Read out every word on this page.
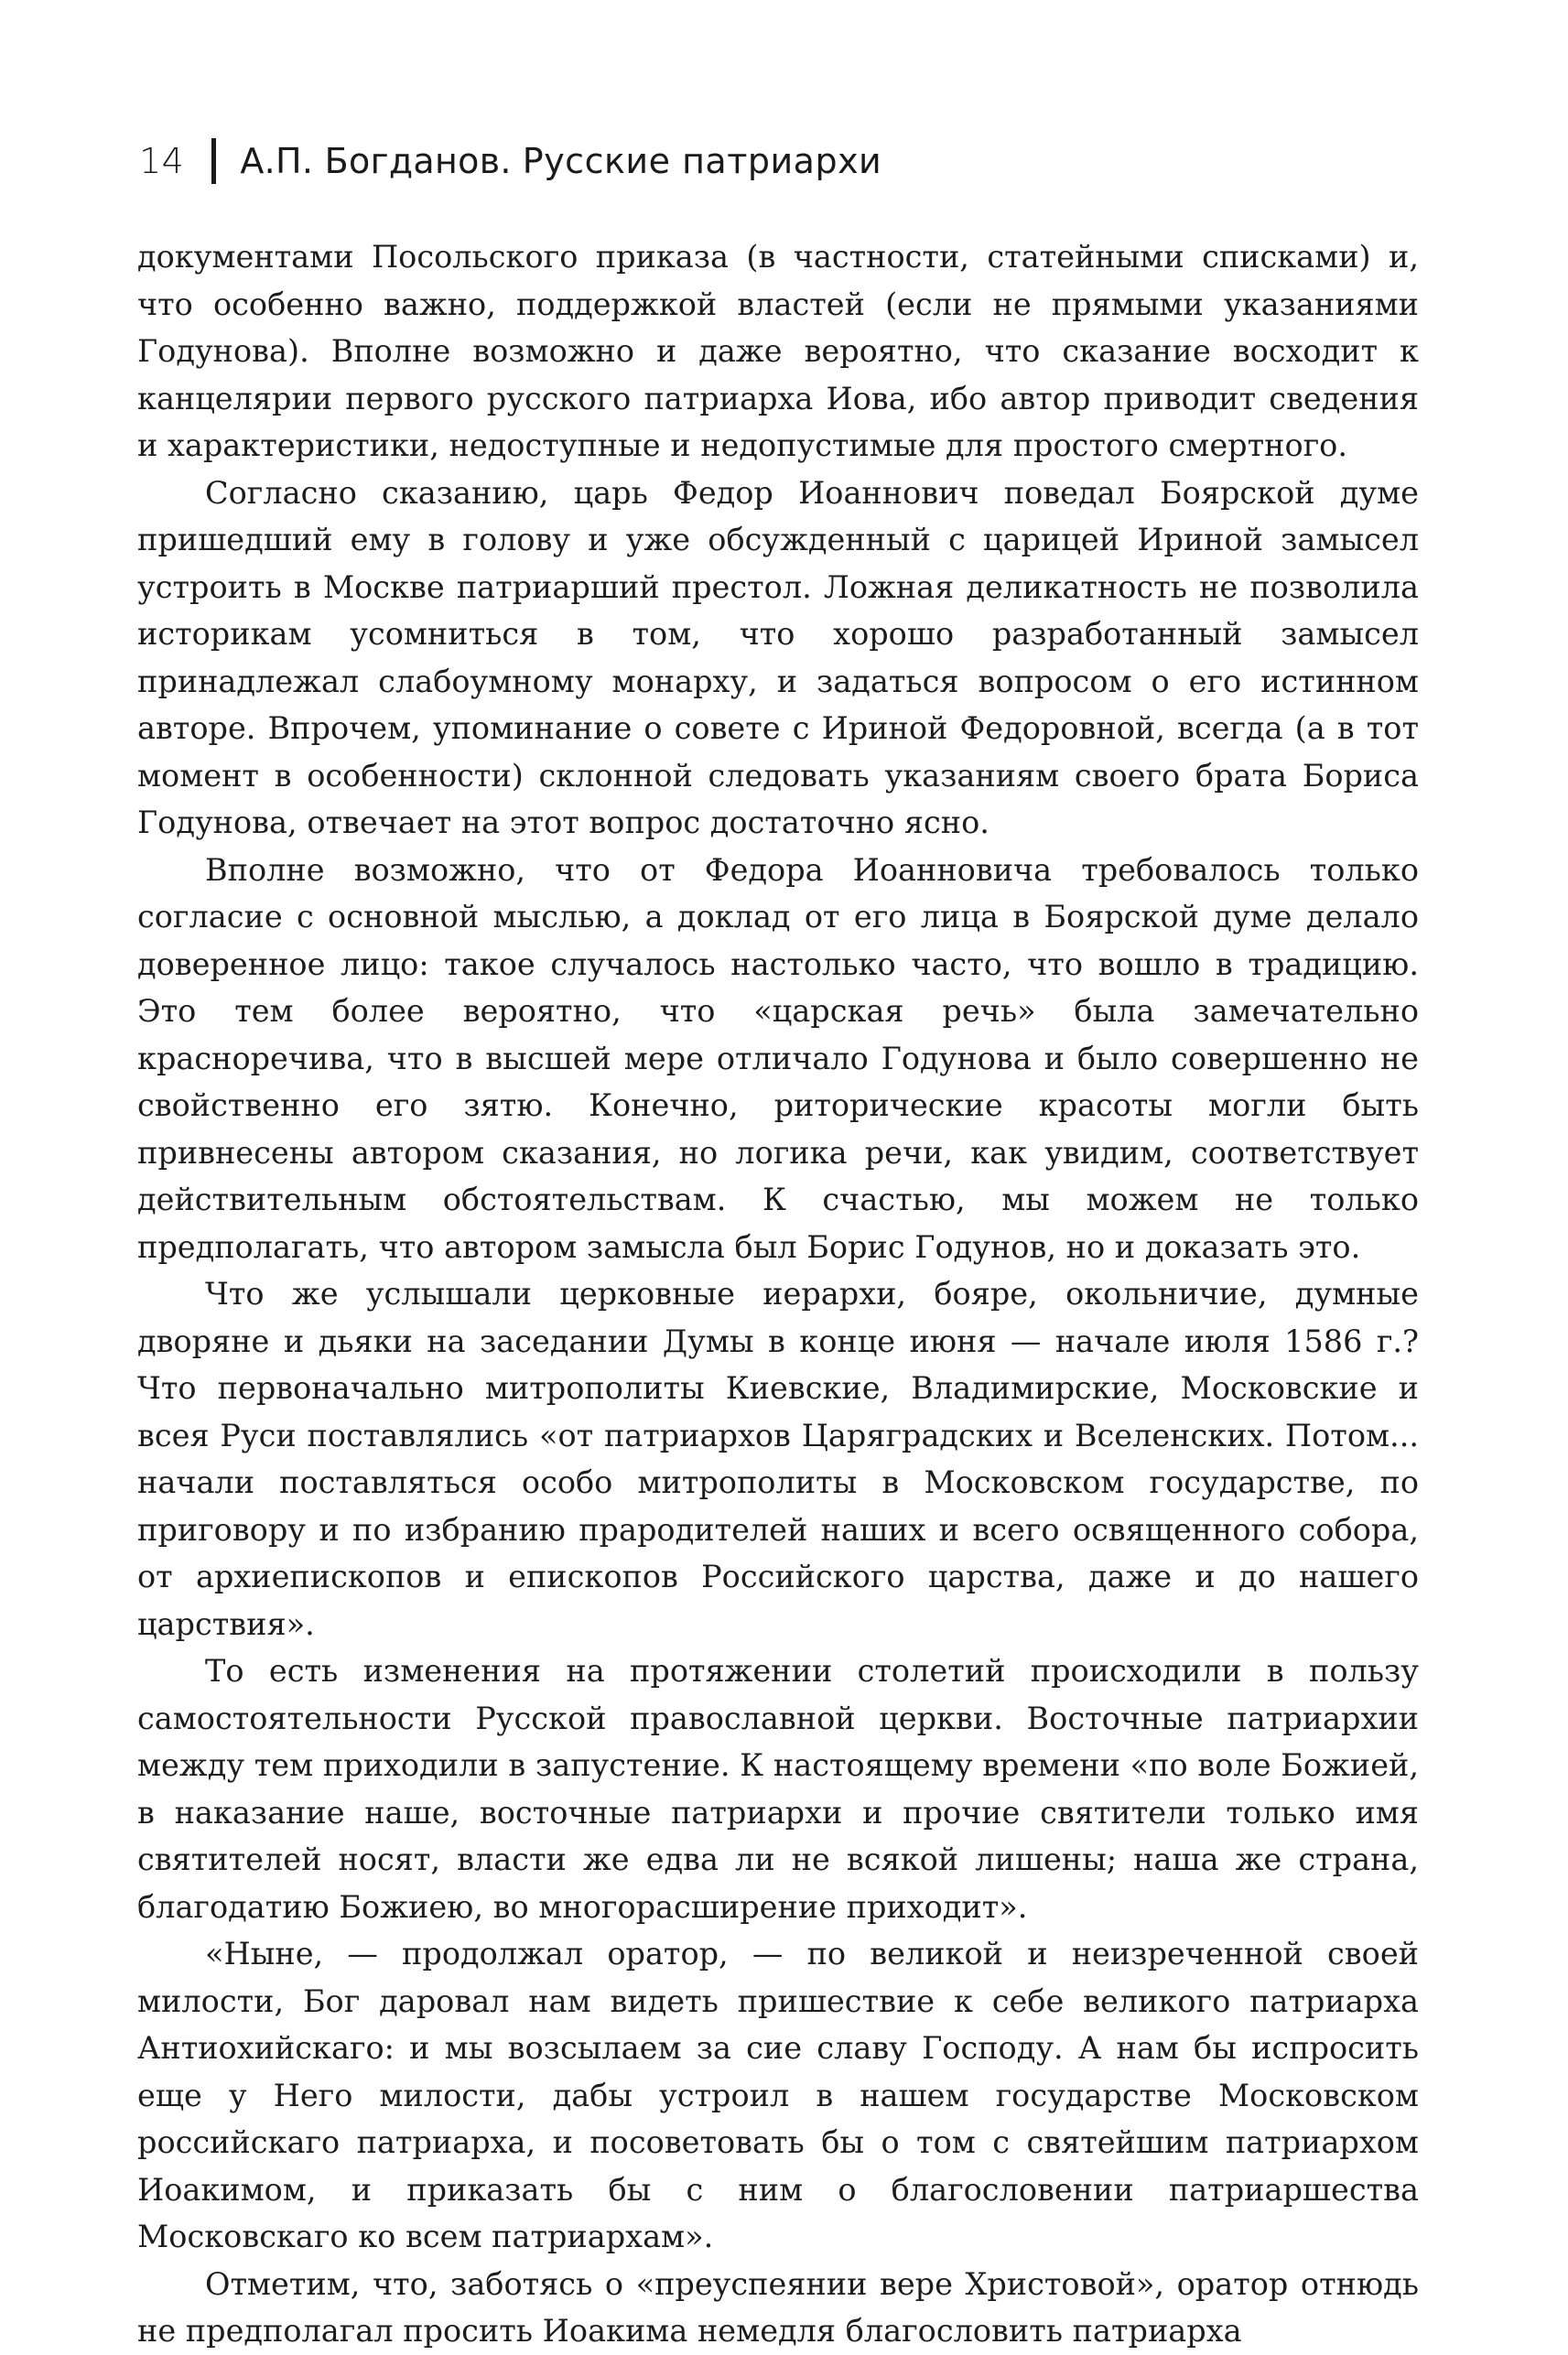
14 А.П. Богданов. Русские патриархи

документами Посольского приказа (в частности, статейными списками) и, что особенно важно, поддержкой властей (если не прямыми указаниями Годунова). Вполне возможно и даже вероятно, что сказание восходит к канцелярии первого русского патриарха Иова, ибо автор приводит сведения и характеристики, недоступные и недопустимые для простого смертного.

Согласно сказанию, царь Федор Иоаннович поведал Боярской думе пришедший ему в голову и уже обсужденный с царицей Ириной замысел устроить в Москве патриарший престол. Ложная деликатность не позволила историкам усомниться в том, что хорошо разработанный замысел принадлежал слабоумному монарху, и задаться вопросом о его истинном авторе. Впрочем, упоминание о совете с Ириной Федоровной, всегда (а в тот момент в особенности) склонной следовать указаниям своего брата Бориса Годунова, отвечает на этот вопрос достаточно ясно.

Вполне возможно, что от Федора Иоанновича требовалось только согласие с основной мыслью, а доклад от его лица в Боярской думе делало доверенное лицо: такое случалось настолько часто, что вошло в традицию. Это тем более вероятно, что «царская речь» была замечательно красноречива, что в высшей мере отличало Годунова и было совершенно не свойственно его зятю. Конечно, риторические красоты могли быть привнесены автором сказания, но логика речи, как увидим, соответствует действительным обстоятельствам. К счастью, мы можем не только предполагать, что автором замысла был Борис Годунов, но и доказать это.

Что же услышали церковные иерархи, бояре, окольничие, думные дворяне и дьяки на заседании Думы в конце июня — начале июля 1586 г.? Что первоначально митрополиты Киевские, Владимирские, Московские и всея Руси поставлялись «от патриархов Царяградских и Вселенских. Потом... начали поставляться особо митрополиты в Московском государстве, по приговору и по избранию прародителей наших и всего освященного собора, от архиепископов и епископов Российского царства, даже и до нашего царствия».

То есть изменения на протяжении столетий происходили в пользу самостоятельности Русской православной церкви. Восточные патриархии между тем приходили в запустение. К настоящему времени «по воле Божией, в наказание наше, восточные патриархи и прочие святители только имя святителей носят, власти же едва ли не всякой лишены; наша же страна, благодатию Божиею, во многорасширение приходит».

«Ныне, — продолжал оратор, — по великой и неизреченной своей милости, Бог даровал нам видеть пришествие к себе великого патриарха Антиохийскаго: и мы возсылаем за сие славу Господу. А нам бы испросить еще у Него милости, дабы устроил в нашем государстве Московском российскаго патриарха, и посоветовать бы о том с святейшим патриархом Иоакимом, и приказать бы с ним о благословении патриаршества Московскаго ко всем патриархам».

Отметим, что, заботясь о «преуспеянии вере Христовой», оратор отнюдь не предполагал просить Иоакима немедля благословить патриарха
